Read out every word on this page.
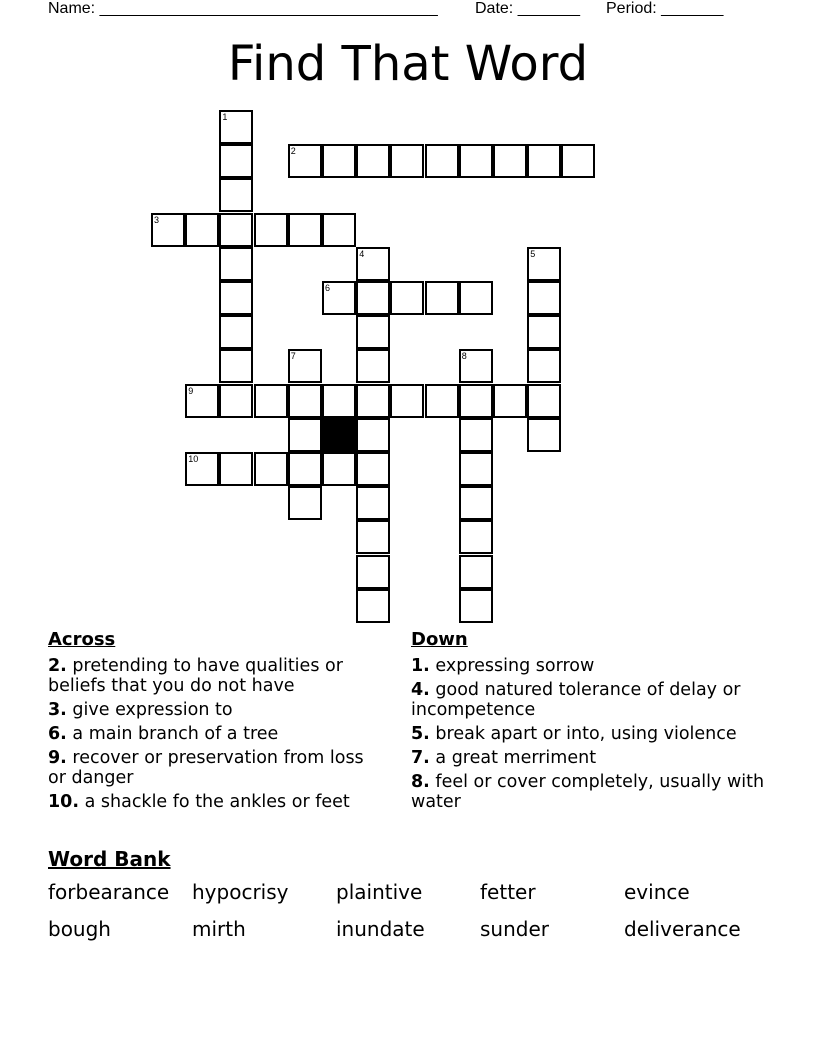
Name: ______________________________________ Date: _______ Period: _______
Find That Word
1
2
3
4	5
6
7	8
9
10
Across
2. pretending to have qualities or beliefs that you do not have
3. give expression to
6. a main branch of a tree
9. recover or preservation from loss or danger
10. a shackle fo the ankles or feet
Down
1. expressing sorrow
4. good natured tolerance of delay or incompetence
5. break apart or into, using violence
7. a great merriment
8. feel or cover completely, usually with water
Word Bank
forbearance	hypocrisy	plaintive	fetter	evince
bough	mirth	inundate	sunder	deliverance
